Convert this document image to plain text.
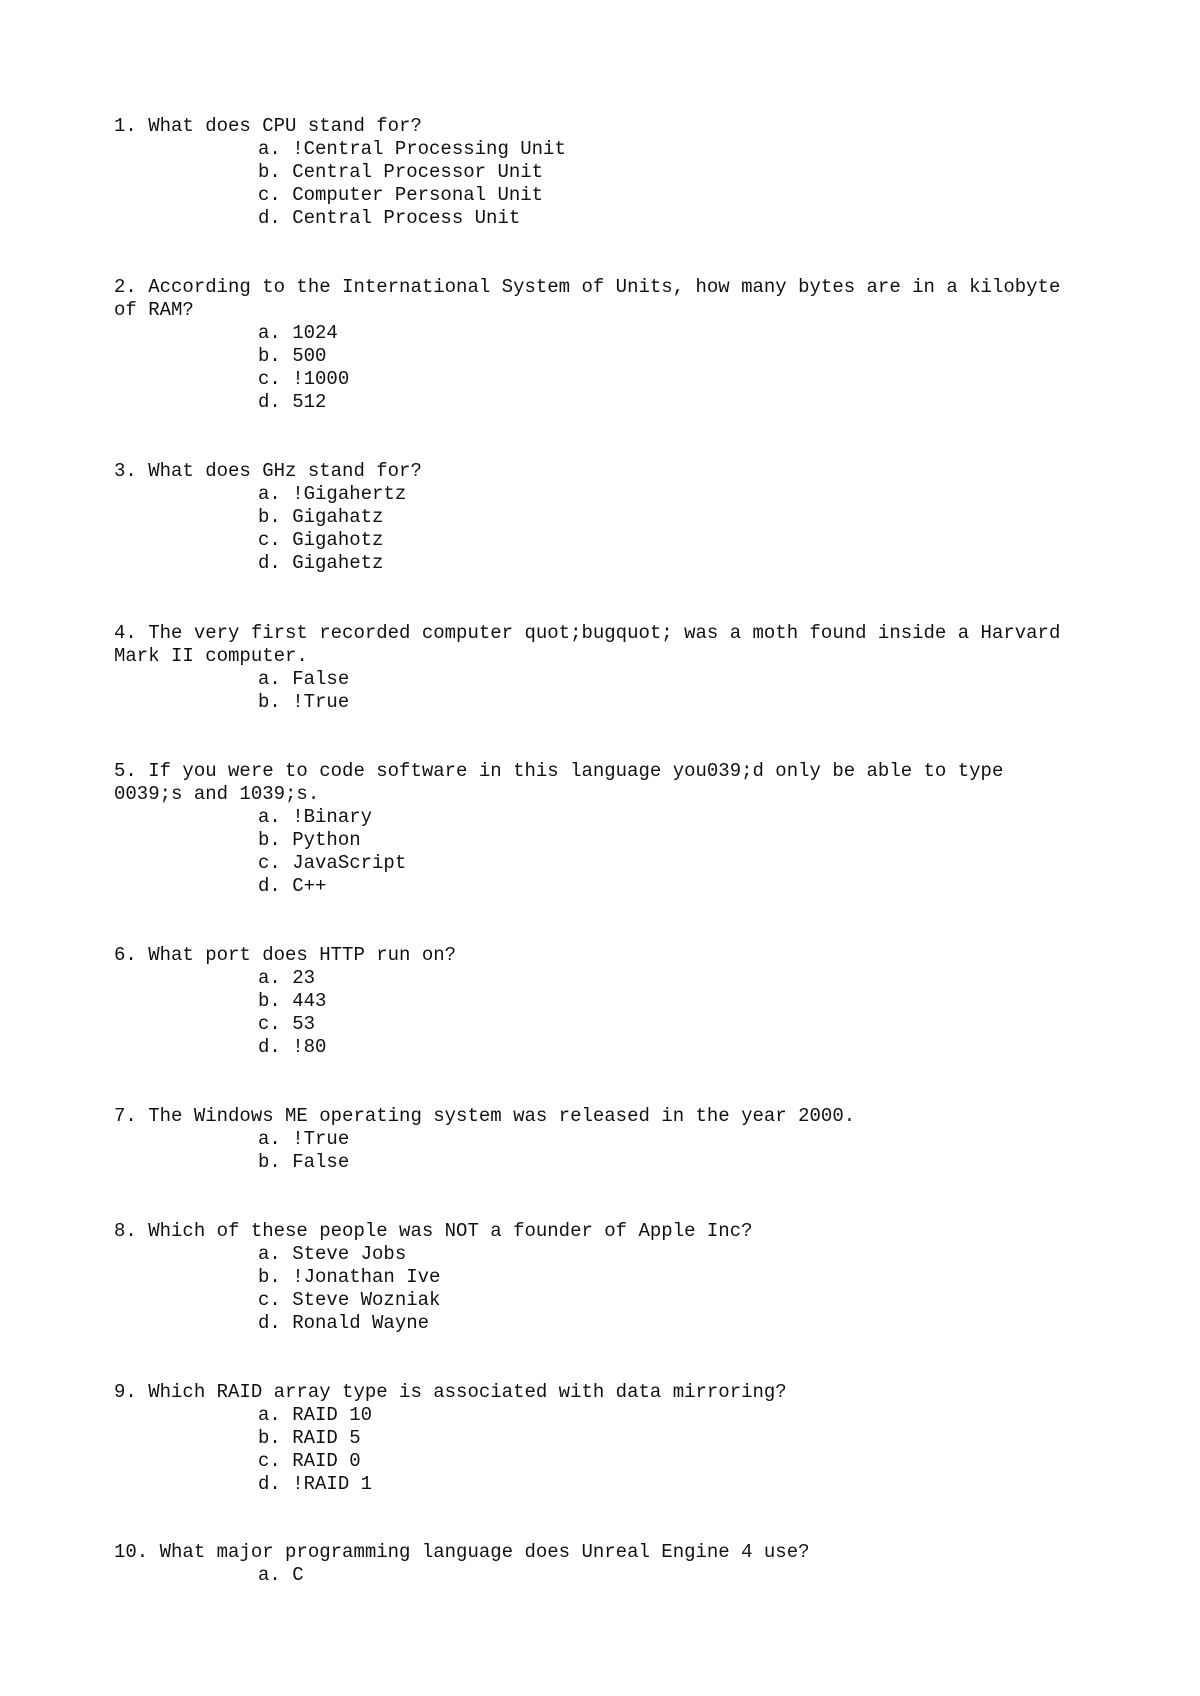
1. What does CPU stand for?

a. !Central Processing Unit
b. Central Processor Unit
c. Computer Personal Unit
d. Central Process Unit

2. According to the International System of Units, how many bytes are in a kilobyte of RAM?

a. 1024
b. 500
c. !1000
d. 512

3. What does GHz stand for?

a. !Gigahertz
b. Gigahatz
c. Gigahotz
d. Gigahetz

4. The very first recorded computer quot;bugquot; was a moth found inside a Harvard Mark II computer.

a. False
b. !True

5. If you were to code software in this language you039;d only be able to type 0039;s and 1039;s.

a. !Binary
b. Python
c. JavaScript
d. C++

6. What port does HTTP run on?

a. 23
b. 443
c. 53
d. !80

7. The Windows ME operating system was released in the year 2000.

a. !True
b. False

8. Which of these people was NOT a founder of Apple Inc?

a. Steve Jobs
b. !Jonathan Ive
c. Steve Wozniak
d. Ronald Wayne

9. Which RAID array type is associated with data mirroring?

a. RAID 10
b. RAID 5
c. RAID 0
d. !RAID 1

10. What major programming language does Unreal Engine 4 use?

a. C
